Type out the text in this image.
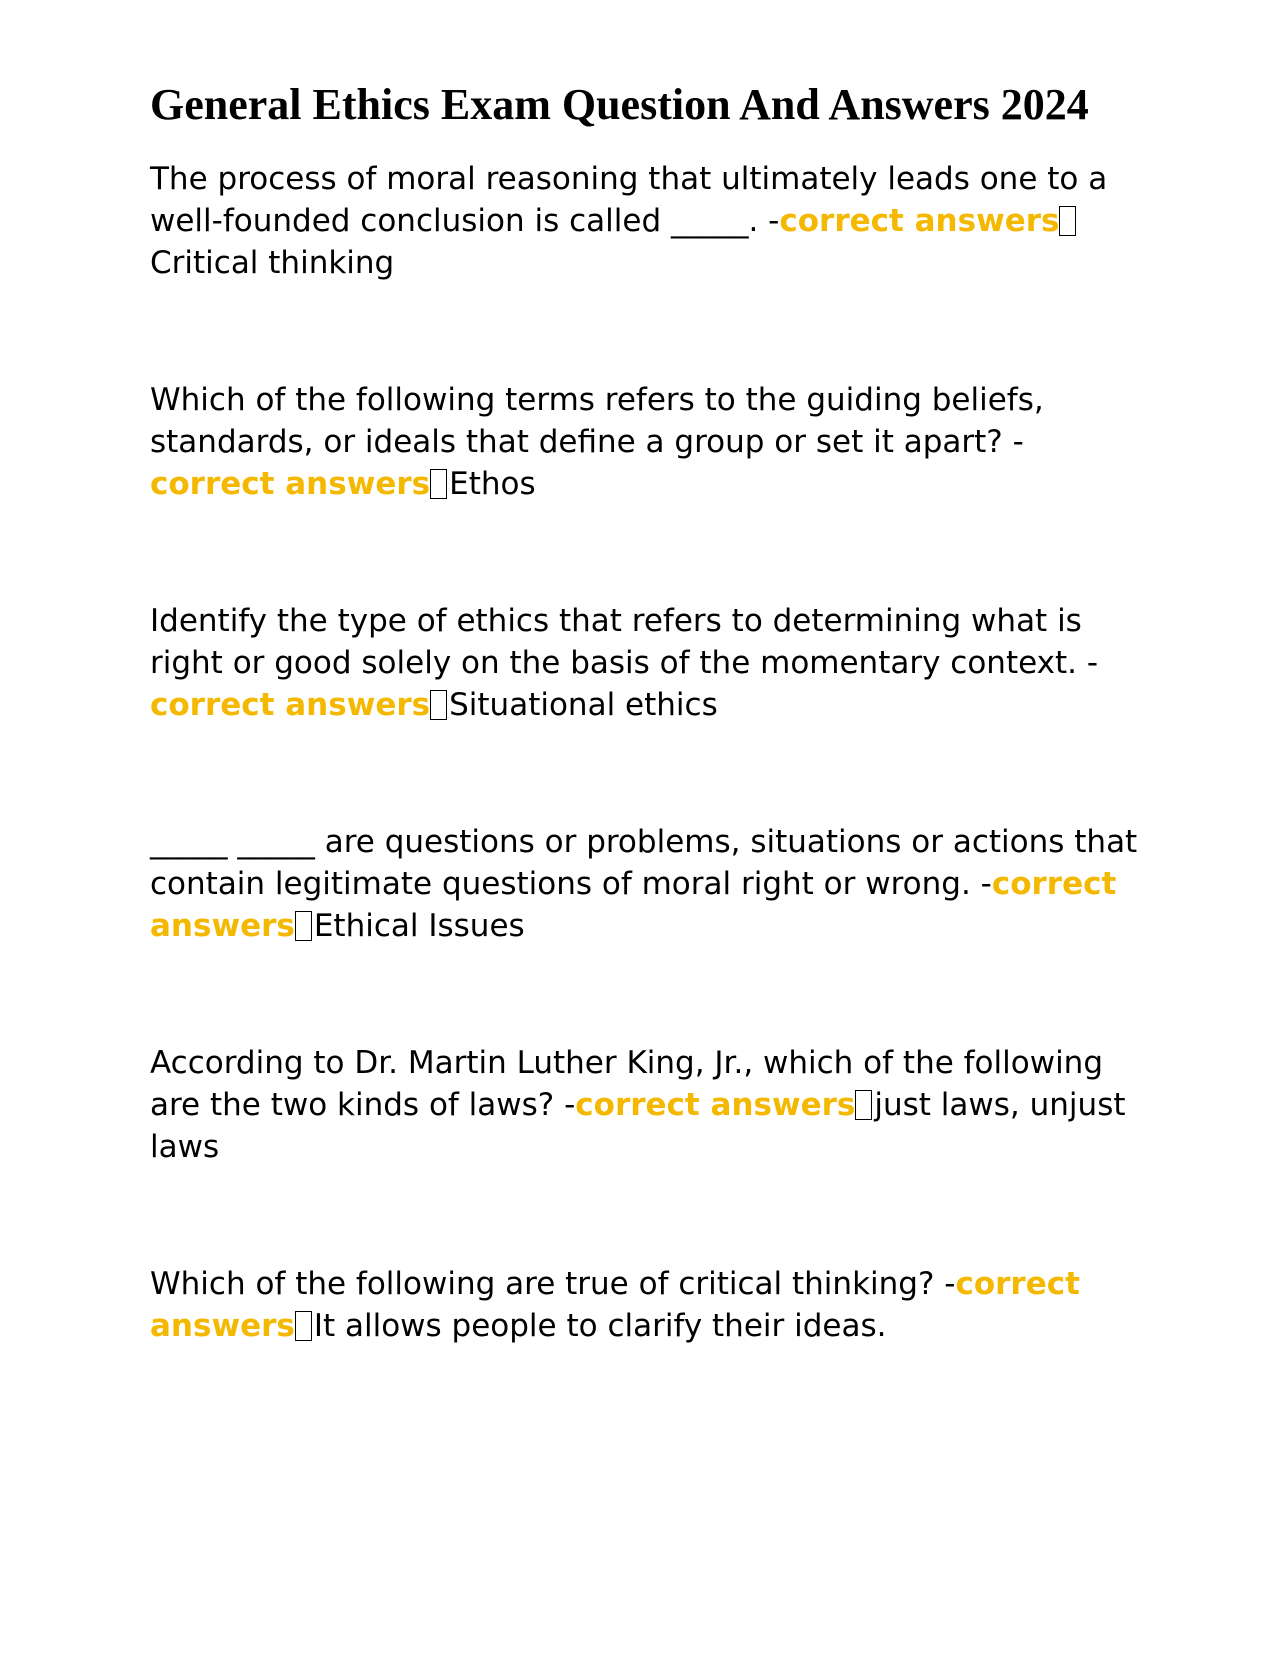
General Ethics Exam Question And Answers 2024

The process of moral reasoning that ultimately leads one to a well-founded conclusion is called _____. -correct answersCritical thinking

Which of the following terms refers to the guiding beliefs, standards, or ideals that define a group or set it apart? -correct answers Ethos

Identify the type of ethics that refers to determining what is right or good solely on the basis of the momentary context. -correct answers Situational ethics

_____ _____ are questions or problems, situations or actions that contain legitimate questions of moral right or wrong. -correct answers Ethical Issues

According to Dr. Martin Luther King, Jr., which of the following are the two kinds of laws? -correct answers just laws, unjust laws

Which of the following are true of critical thinking? -correct answers It allows people to clarify their ideas.
